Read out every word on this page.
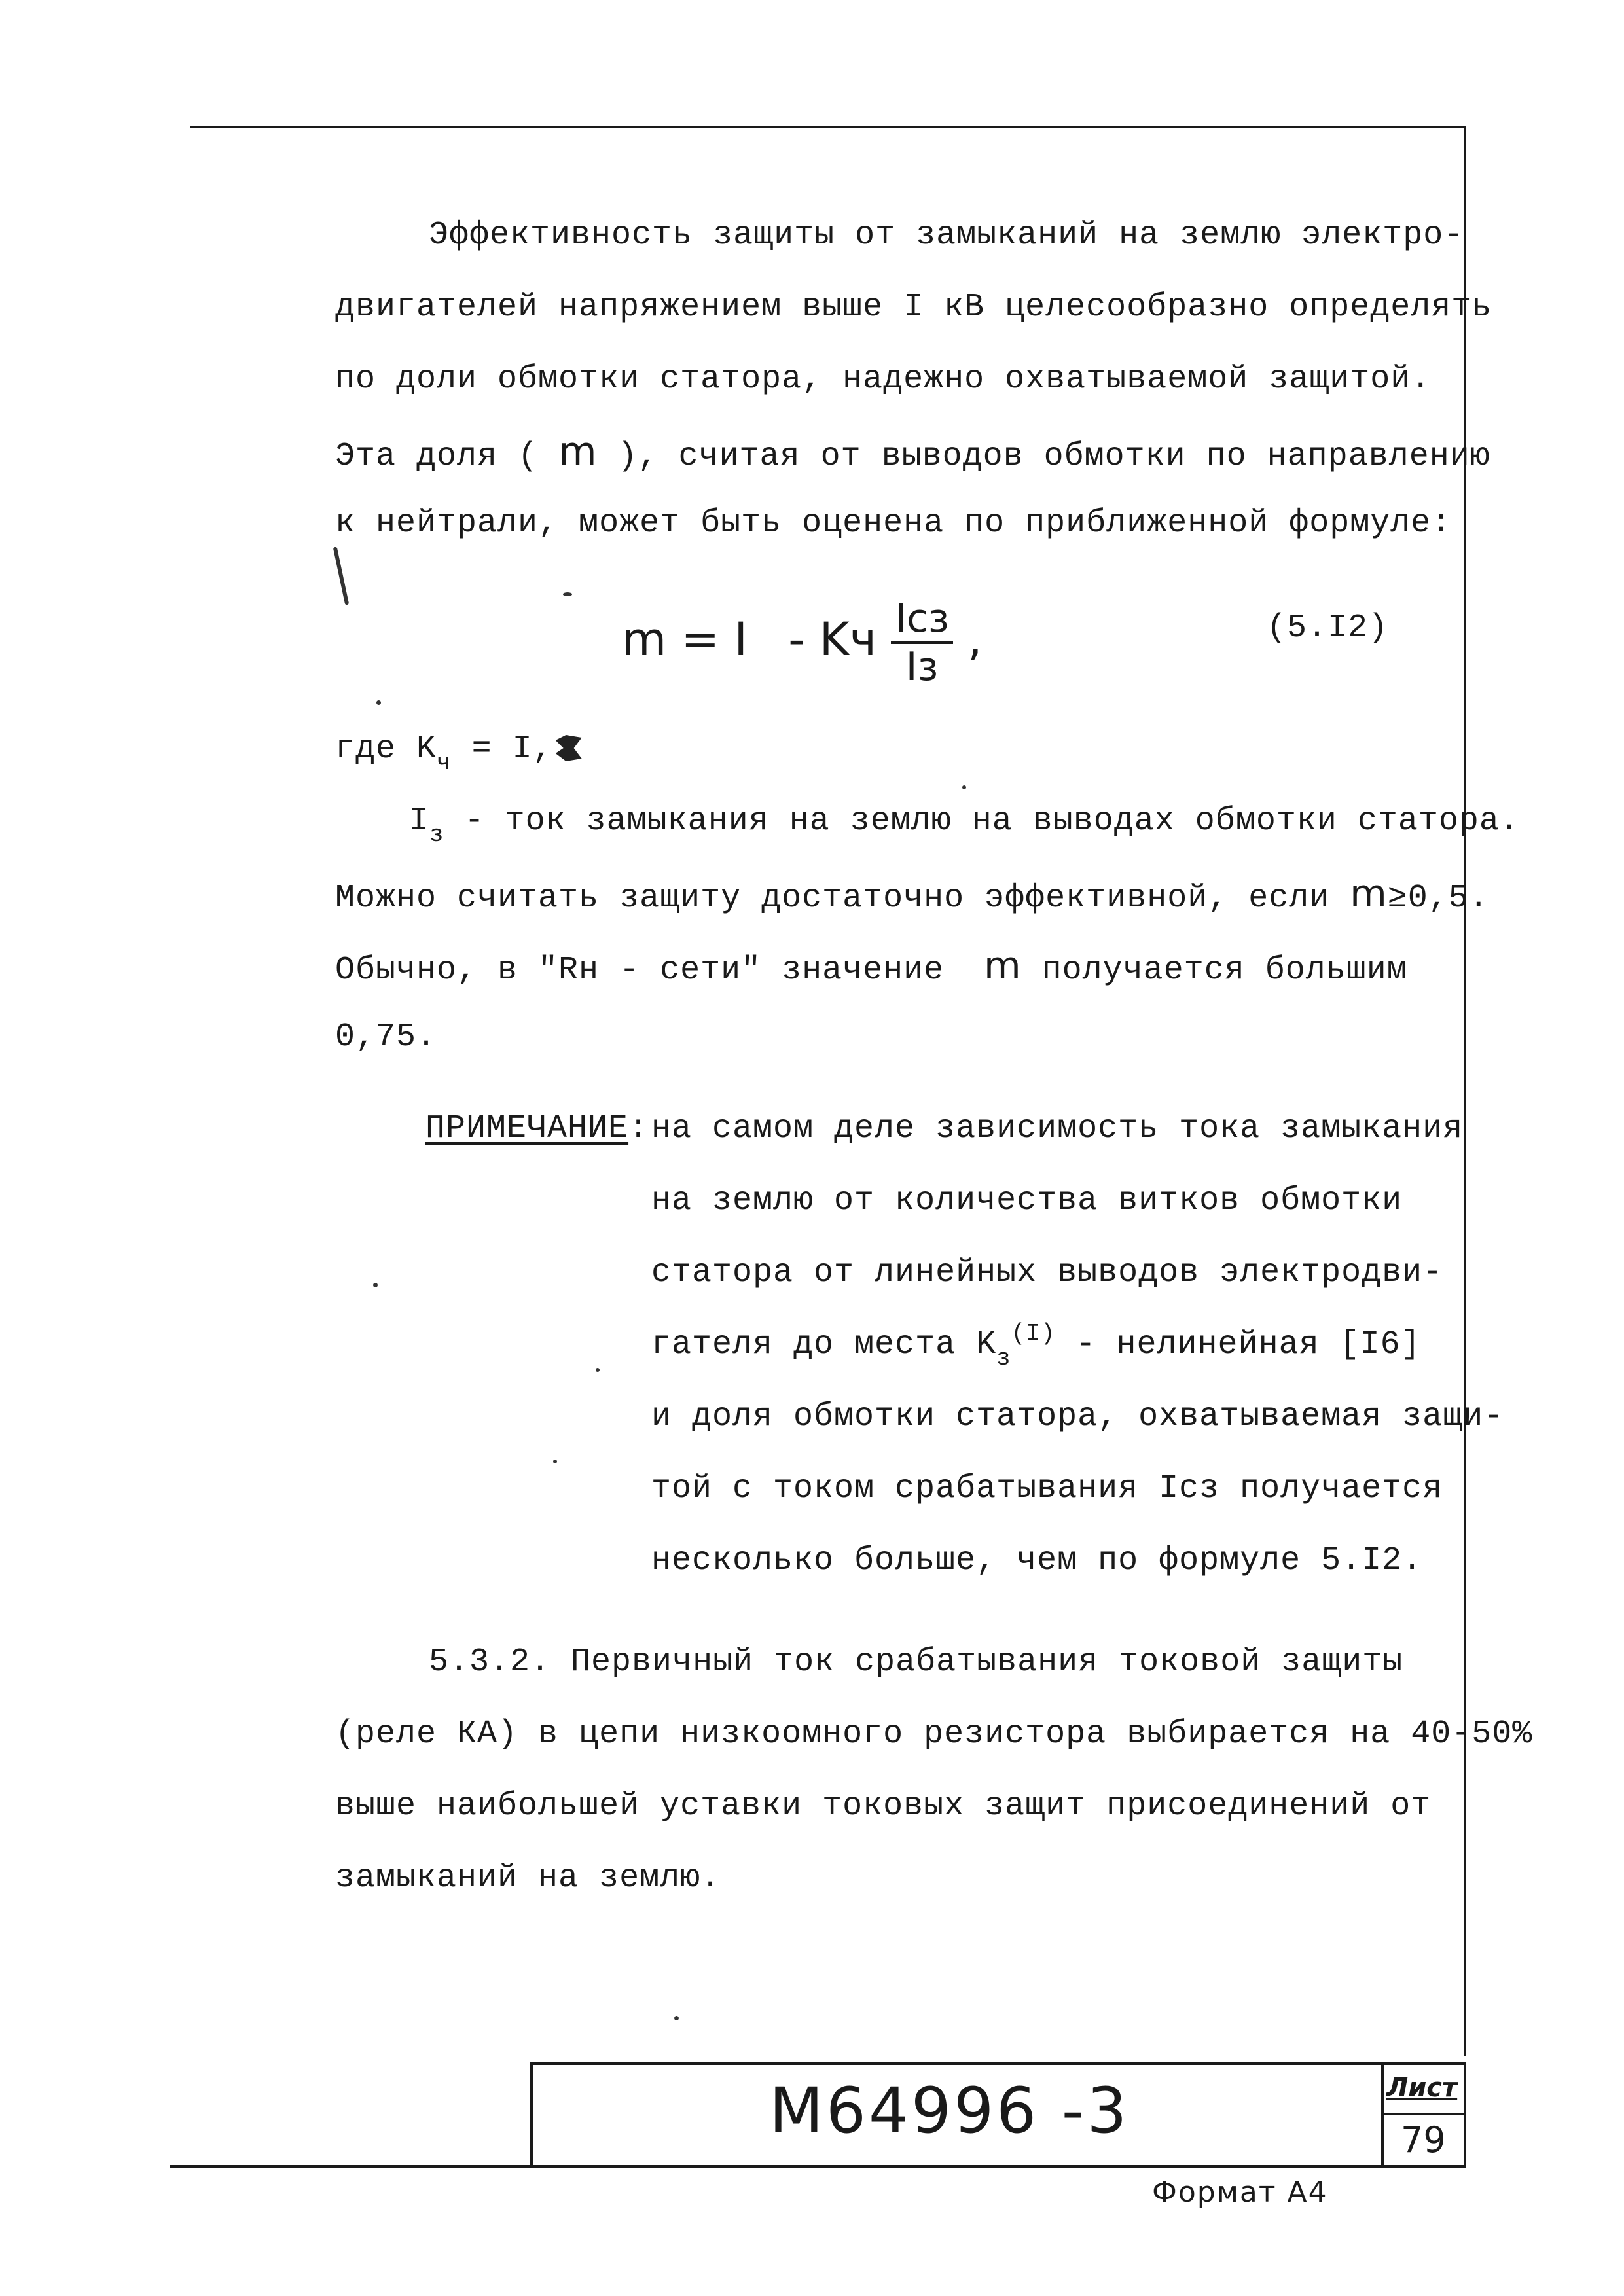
Эффективность защиты от замыканий на землю электро-
двигателей напряжением выше I кВ целесообразно определять
по доли обмотки статора, надежно охватываемой защитой.
Эта доля ( m ), считая от выводов обмотки по направлению
к нейтрали, может быть оценена по приближенной формуле:
m = I - Kч $\frac{\text{Icз}}{Iз}$ ,	(5.I2)
где $K_ч = I$,
$I_з$ - ток замыкания на землю на выводах обмотки статора.
Можно считать защиту достаточно эффективной, если m≥0,5.
Обычно, в "Rн - сети" значение m получается большим
0,75.
ПРИМЕЧАНИЕ: на самом деле зависимость тока замыкания
на землю от количества витков обмотки
статора от линейных выводов электродви-
гателя до места $K_з^{(I)}$ - нелинейная [I6]
и доля обмотки статора, охватываемая защи-
той с током срабатывания Icз получается
несколько больше, чем по формуле 5.I2.
5.3.2. Первичный ток срабатывания токовой защиты
(реле КА) в цепи низкоомного резистора выбирается на 40-50%
выше наибольшей уставки токовых защит присоединений от
замыканий на землю.
М64996 -3	Лист
79
Формат А4
